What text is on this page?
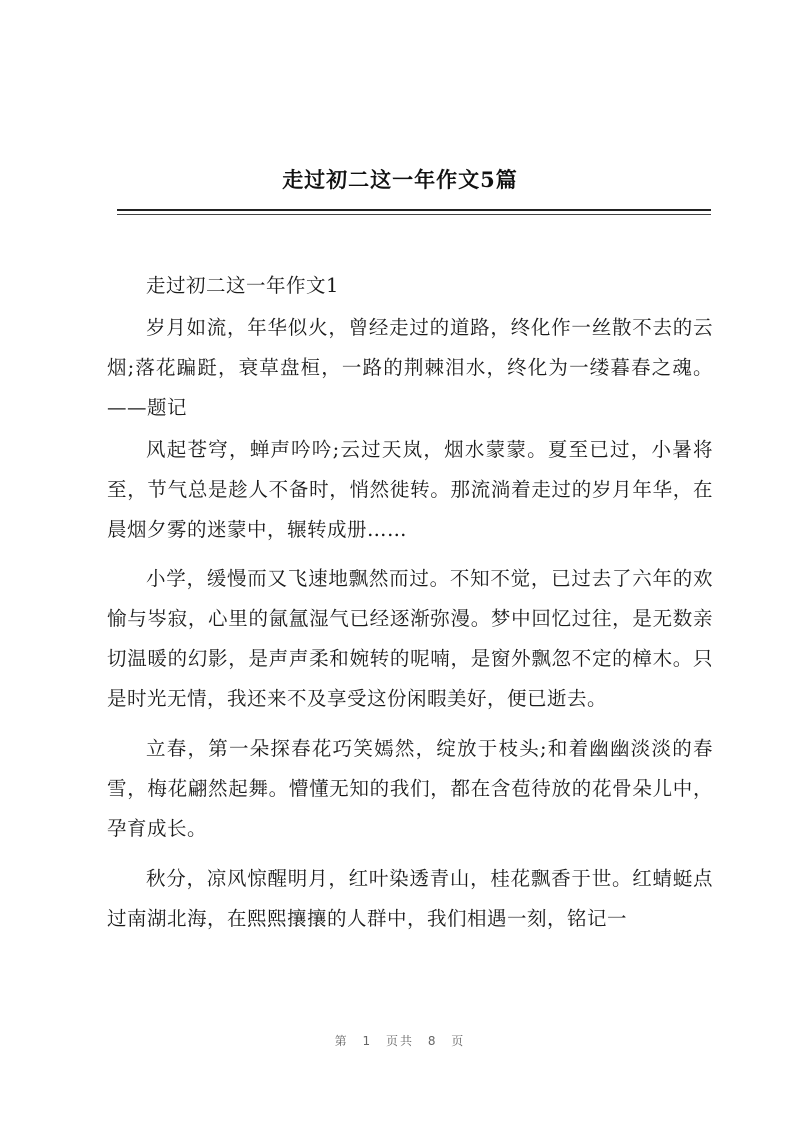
走过初二这一年作文5篇

走过初二这一年作文1

岁月如流，年华似火，曾经走过的道路，终化作一丝散不去的云烟;落花蹁跹，衰草盘桓，一路的荆棘泪水，终化为一缕暮春之魂。——题记

风起苍穹，蝉声吟吟;云过天岚，烟水蒙蒙。夏至已过，小暑将至，节气总是趁人不备时，悄然徙转。那流淌着走过的岁月年华，在晨烟夕雾的迷蒙中，辗转成册……

小学，缓慢而又飞速地飘然而过。不知不觉，已过去了六年的欢愉与岑寂，心里的氤氲湿气已经逐渐弥漫。梦中回忆过往，是无数亲切温暖的幻影，是声声柔和婉转的呢喃，是窗外飘忽不定的樟木。只是时光无情，我还来不及享受这份闲暇美好，便已逝去。

立春，第一朵探春花巧笑嫣然，绽放于枝头;和着幽幽淡淡的春雪，梅花翩然起舞。懵懂无知的我们，都在含苞待放的花骨朵儿中，孕育成长。

秋分，凉风惊醒明月，红叶染透青山，桂花飘香于世。红蜻蜓点过南湖北海，在熙熙攘攘的人群中，我们相遇一刻，铭记一

第 1 页共 8 页
